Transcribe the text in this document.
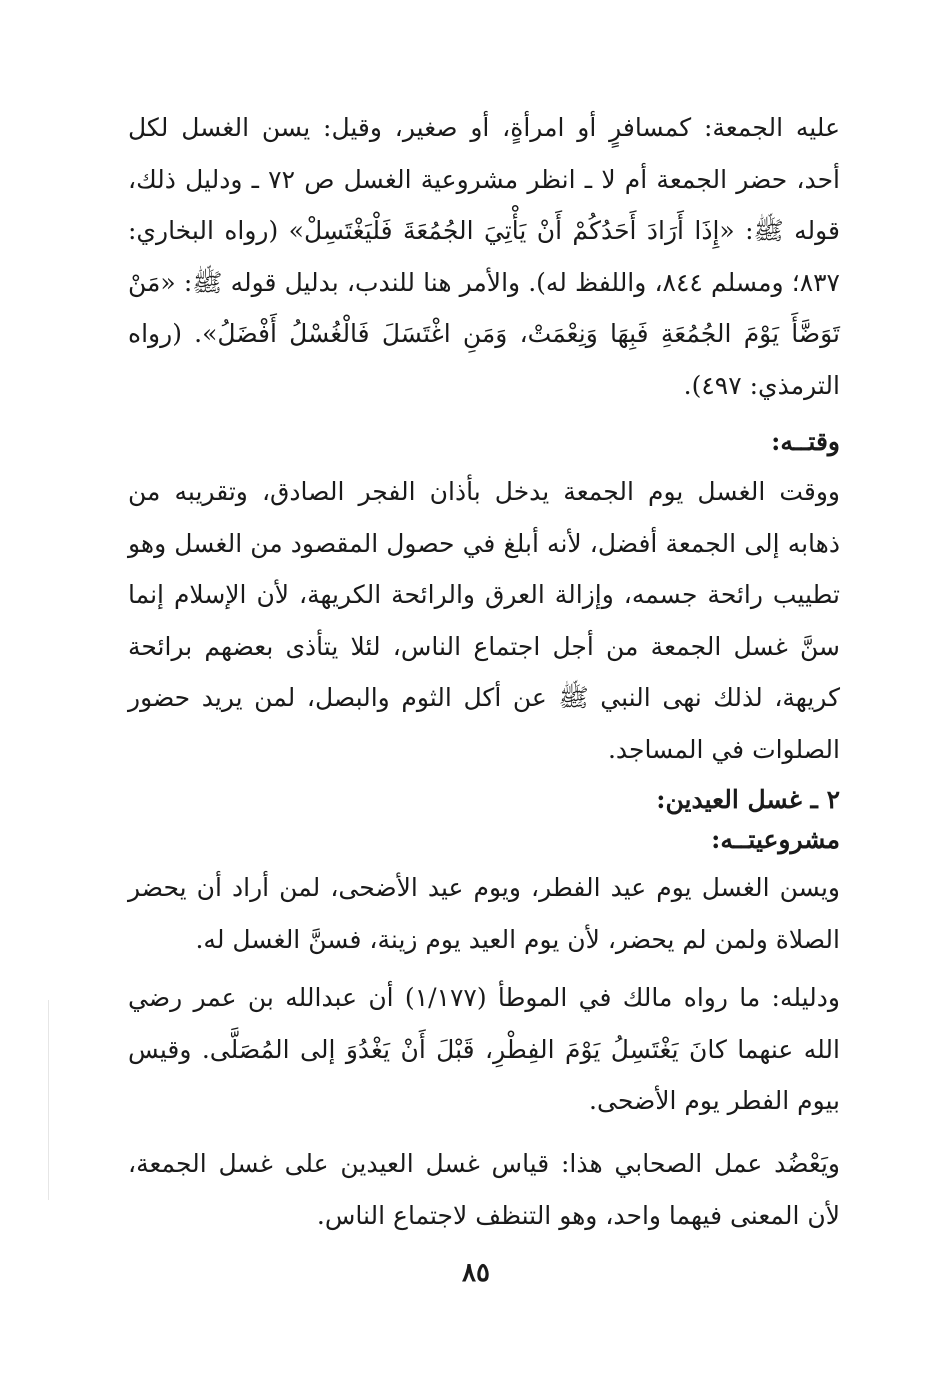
عليه الجمعة: كمسافرٍ أو امرأةٍ، أو صغير، وقيل: يسن الغسل لكل أحد، حضر الجمعة أم لا ـ انظر مشروعية الغسل ص ٧٢ ـ ودليل ذلك، قوله ﷺ: «إِذَا أَرَادَ أَحَدُكُمْ أَنْ يَأْتِيَ الجُمُعَةَ فَلْيَغْتَسِلْ» (رواه البخاري: ٨٣٧؛ ومسلم ٨٤٤، واللفظ له). والأمر هنا للندب، بدليل قوله ﷺ: «مَنْ تَوَضَّأَ يَوْمَ الجُمُعَةِ فَبِهَا وَنِعْمَتْ، وَمَنِ اغْتَسَلَ فَالْغُسْلُ أَفْضَلُ». (رواه الترمذي: ٤٩٧).

وقتــه:

ووقت الغسل يوم الجمعة يدخل بأذان الفجر الصادق، وتقريبه من ذهابه إلى الجمعة أفضل، لأنه أبلغ في حصول المقصود من الغسل وهو تطييب رائحة جسمه، وإزالة العرق والرائحة الكريهة، لأن الإسلام إنما سنَّ غسل الجمعة من أجل اجتماع الناس، لئلا يتأذى بعضهم برائحة كريهة، لذلك نهى النبي ﷺ عن أكل الثوم والبصل، لمن يريد حضور الصلوات في المساجد.

٢ ـ غسل العيدين:

مشروعيتــه:

ويسن الغسل يوم عيد الفطر، ويوم عيد الأضحى، لمن أراد أن يحضر الصلاة ولمن لم يحضر، لأن يوم العيد يوم زينة، فسنَّ الغسل له.

ودليله: ما رواه مالك في الموطأ (١/١٧٧) أن عبدالله بن عمر رضي الله عنهما كانَ يَغْتَسِلُ يَوْمَ الفِطْرِ، قَبْلَ أَنْ يَغْدُوَ إلى المُصَلَّى. وقيس بيوم الفطر يوم الأضحى.

ويَعْضُد عمل الصحابي هذا: قياس غسل العيدين على غسل الجمعة، لأن المعنى فيهما واحد، وهو التنظف لاجتماع الناس.

٨٥
